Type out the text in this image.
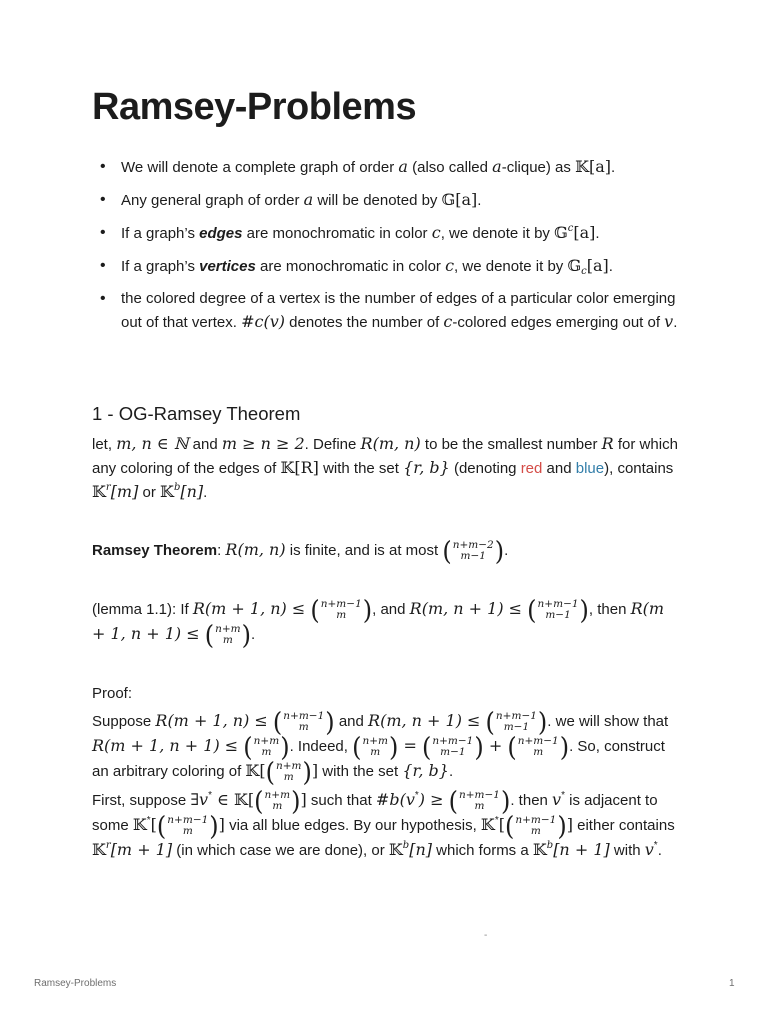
Ramsey-Problems
• We will denote a complete graph of order a (also called a-clique) as 𝕂[a].
• Any general graph of order a will be denoted by 𝔾[a].
• If a graph’s edges are monochromatic in color c, we denote it by 𝔾$^c$[a].
• If a graph’s vertices are monochromatic in color c, we denote it by 𝔾$_c$[a].
• the colored degree of a vertex is the number of edges of a particular color emerging out of that vertex. #c(v) denotes the number of c-colored edges emerging out of v.
1 - OG-Ramsey Theorem

let, m, n ∈ ℕ and m ≥ n ≥ 2. Define R(m, n) to be the smallest number R for which any coloring of the edges of 𝕂[R] with the set {r, b} (denoting red and blue), contains 𝕂$^r$[m] or 𝕂$^b$[n].

Ramsey Theorem: R(m, n) is finite, and is at most ( n+m−2
m−1 ) .

(lemma 1.1): If R(m + 1, n) ≤ ( n+m−1
m ) , and R(m, n + 1) ≤ ( n+m−1
m−1 ) , then R(m + 1, n + 1) ≤ ( n+m
m ) .

Proof:

Suppose R(m + 1, n) ≤ ( n+m−1
m ) and R(m, n + 1) ≤ ( n+m−1
m−1 ) . we will show that R(m + 1, n + 1) ≤ ( n+m
m ) . Indeed, ( n+m
m ) = ( n+m−1
m−1 ) + ( n+m−1
m ) . So, construct an arbitrary coloring of 𝕂[ ( n+m
m ) ] with the set {r, b}.

First, suppose ∃v* ∈ 𝕂[ ( n+m
m ) ] such that #b(v*) ≥ ( n+m−1
m ) . then v* is adjacent to some 𝕂*[ ( n+m−1
m ) ] via all blue edges. By our hypothesis, 𝕂*[ ( n+m−1
m ) ] either contains 𝕂$^r$[m + 1] (in which case we are done), or 𝕂$^b$[n] which forms a 𝕂$^b$[n + 1] with v*.

-
Ramsey-Problems	1
